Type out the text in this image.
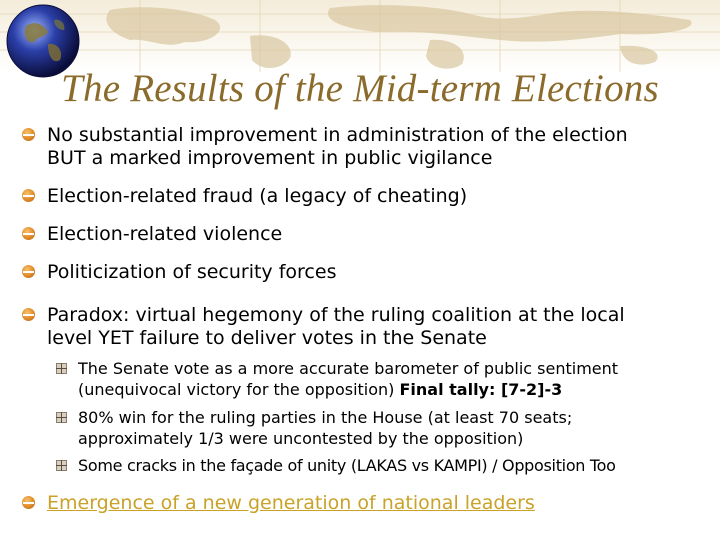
The Results of the Mid-term Elections
No substantial improvement in administration of the election
BUT a marked improvement in public vigilance
Election-related fraud (a legacy of cheating)
Election-related violence
Politicization of security forces
Paradox: virtual hegemony of the ruling coalition at the local
level YET failure to deliver votes in the Senate
The Senate vote as a more accurate barometer of public sentiment
(unequivocal victory for the opposition) Final tally: [7-2]-3
80% win for the ruling parties in the House (at least 70 seats;
approximately 1/3 were uncontested by the opposition)
Some cracks in the façade of unity (LAKAS vs KAMPI) / Opposition Too
Emergence of a new generation of national leaders
